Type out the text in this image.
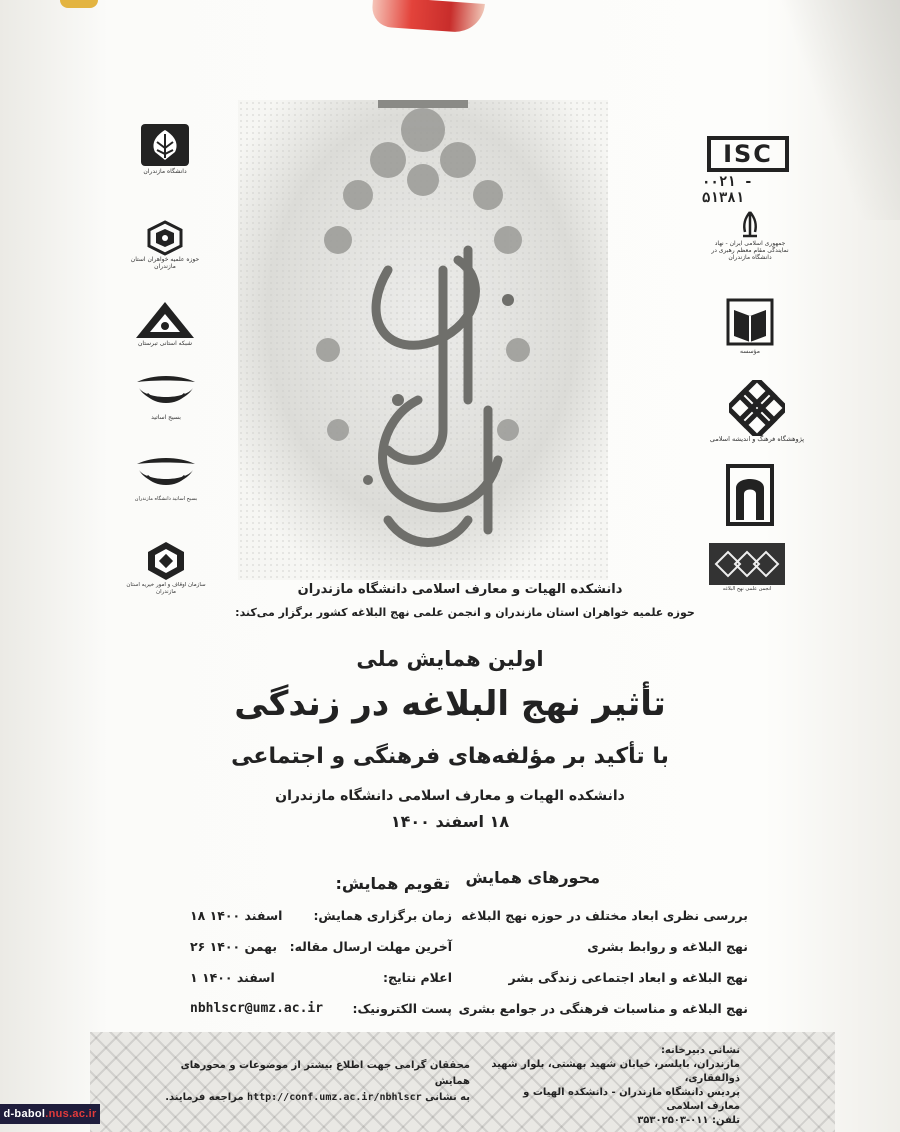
دانشگاه مازندران
حوزه علمیه خواهران استان مازندران
شبکه استانی تبرستان
بسیج اساتید
بسیج اساتید دانشگاه مازندران
سازمان اوقاف و امور خیریه استان مازندران
ISC
۰۰۲۱ - ۵۱۳۸۱
جمهوری اسلامی ایران - نهاد نمایندگی مقام معظم رهبری در دانشگاه مازندران
مؤسسه
پژوهشگاه فرهنگ و اندیشه اسلامی
انجمن علمی نهج البلاغه
دانشکده الهیات و معارف اسلامی دانشگاه مازندران
حوزه علمیه خواهران استان مازندران و انجمن علمی نهج البلاغه کشور برگزار می‌کند:
اولین همایش ملی
تأثیر نهج البلاغه در زندگی
با تأکید بر مؤلفه‌های فرهنگی و اجتماعی
دانشکده الهیات و معارف اسلامی دانشگاه مازندران
۱۸ اسفند ۱۴۰۰
محورهای همایش
تقویم همایش:
بررسی نظری ابعاد مختلف در حوزه نهج البلاغه
نهج البلاغه و روابط بشری
نهج البلاغه و ابعاد اجتماعی زندگی بشر
نهج البلاغه و مناسبات فرهنگی در جوامع بشری
زمان برگزاری همایش:
۱۸ اسفند ۱۴۰۰
آخرین مهلت ارسال مقاله:
۲۶ بهمن ۱۴۰۰
اعلام نتایج:
۱ اسفند ۱۴۰۰
پست الکترونیک:
nbhlscr@umz.ac.ir
نشانی دبیرخانه:
مازندران، بابلسر، خیابان شهید بهشتی، بلوار شهید ذوالفقاری،
پردیس دانشگاه مازندران - دانشکده الهیات و معارف اسلامی
تلفن: ۰۱۱-۳۵۳۰۲۵۰۳
محققان گرامی جهت اطلاع بیشتر از موضوعات و محورهای همایش
به نشانی http://conf.umz.ac.ir/nbhlscr مراجعه فرمایند.
d-babol .nus.ac.ir
